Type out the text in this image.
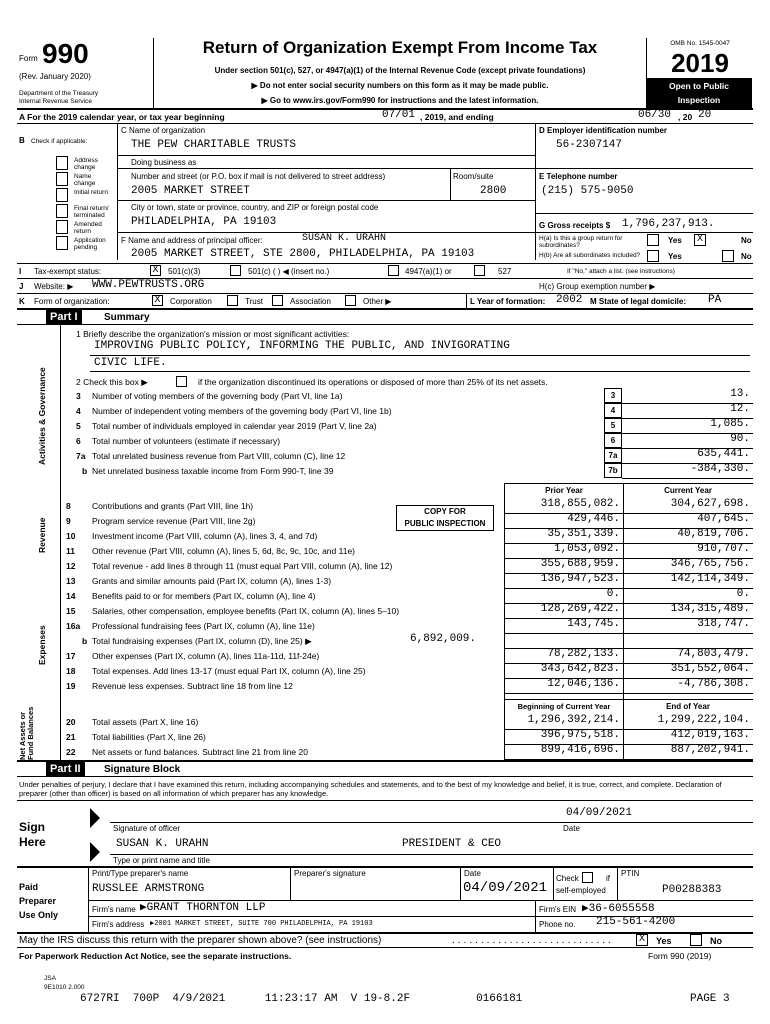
Form 990
(Rev. January 2020)
Department of the Treasury
Internal Revenue Service
Return of Organization Exempt From Income Tax
Under section 501(c), 527, or 4947(a)(1) of the Internal Revenue Code (except private foundations)
▶ Do not enter social security numbers on this form as it may be made public.
▶ Go to www.irs.gov/Form990 for instructions and the latest information.
OMB No. 1545-0047
2019
Open to Public
Inspection
A For the 2019 calendar year, or tax year beginning	07/01 , 2019, and ending	06/30 , 20 20
B Check if applicable:
Address change
Name change
Initial return
Final return/ terminated
Amended return
Application pending
C Name of organization
THE PEW CHARITABLE TRUSTS
Doing business as
Number and street (or P.O. box if mail is not delivered to street address)	Room/suite
2005 MARKET STREET	2800
City or town, state or province, country, and ZIP or foreign postal code
PHILADELPHIA, PA 19103
F Name and address of principal officer:	SUSAN K. URAHN
2005 MARKET STREET, STE 2800, PHILADELPHIA, PA 19103
D Employer identification number
56-2307147
E Telephone number
(215) 575-9050
G Gross receipts $ 1,796,237,913.
H(a) Is this a group return for subordinates?
Yes X	No
H(b) Are all subordinates included?	Yes	No
I Tax-exempt status:	X	501(c)(3)	501(c) ( ) ◀ (insert no.)	4947(a)(1) or	527	If "No," attach a list. (see instructions)
J Website: ▶ WWW.PEWTRUSTS.ORG	H(c) Group exemption number ▶
K Form of organization:	X	Corporation	Trust	Association	Other ▶	L Year of formation: 2002 M State of legal domicile: PA
Part I	Summary
Activities & Governance
Revenue
Expenses
Net Assets or Fund Balances
1 Briefly describe the organization's mission or most significant activities:
IMPROVING PUBLIC POLICY, INFORMING THE PUBLIC, AND INVIGORATING
CIVIC LIFE.
2 Check this box ▶	if the organization discontinued its operations or disposed of more than 25% of its net assets.
3 Number of voting members of the governing body (Part VI, line 1a)	3	13.
4 Number of independent voting members of the governing body (Part VI, line 1b)	4	12.
5 Total number of individuals employed in calendar year 2019 (Part V, line 2a)	5	1,085.
6 Total number of volunteers (estimate if necessary)	6	90.
7a Total unrelated business revenue from Part VIII, column (C), line 12	7a	635,441.
b Net unrelated business taxable income from Form 990-T, line 39	7b	-384,330.
Prior Year	Current Year
COPY FOR
PUBLIC INSPECTION
8	Contributions and grants (Part VIII, line 1h)	318,855,082.	304,627,698.
9	Program service revenue (Part VIII, line 2g)	429,446.	407,645.
10 Investment income (Part VIII, column (A), lines 3, 4, and 7d)	35,351,339.	40,819,706.
11 Other revenue (Part VIII, column (A), lines 5, 6d, 8c, 9c, 10c, and 11e)	1,053,092.	910,707.
12 Total revenue - add lines 8 through 11 (must equal Part VIII, column (A), line 12)	355,688,959.	346,765,756.
13 Grants and similar amounts paid (Part IX, column (A), lines 1-3)	136,947,523.	142,114,349.
14 Benefits paid to or for members (Part IX, column (A), line 4)	0.	0.
15 Salaries, other compensation, employee benefits (Part IX, column (A), lines 5–10)	128,269,422.	134,315,489.
16a Professional fundraising fees (Part IX, column (A), line 11e)	143,745.	318,747.
b Total fundraising expenses (Part IX, column (D), line 25) ▶	6,892,009.
17 Other expenses (Part IX, column (A), lines 11a-11d, 11f-24e)	78,282,133.	74,803,479.
18 Total expenses. Add lines 13-17 (must equal Part IX, column (A), line 25)	343,642,823.	351,552,064.
19 Revenue less expenses. Subtract line 18 from line 12	12,046,136.	-4,786,308.
Beginning of Current Year	End of Year
20 Total assets (Part X, line 16)	1,296,392,214.	1,299,222,104.
21 Total liabilities (Part X, line 26)	396,975,518.	412,019,163.
22 Net assets or fund balances. Subtract line 21 from line 20	899,416,696.	887,202,941.
Part II	Signature Block
Under penalties of perjury, I declare that I have examined this return, including accompanying schedules and statements, and to the best of my knowledge and belief, it is true, correct, and complete. Declaration of preparer (other than officer) is based on all information of which preparer has any knowledge.
Sign
Here
04/09/2021
Signature of officer	Date
SUSAN K. URAHN	PRESIDENT & CEO
Type or print name and title
Paid
Preparer
Use Only
Print/Type preparer's name	Preparer's signature	Date
Check	if
self-employed
PTIN
RUSSLEE ARMSTRONG	04/09/2021	P00288383
Firm's name ▶GRANT THORNTON LLP	Firm's EIN ▶36-6055558
Firm's address ▶2001 MARKET STREET, SUITE 700 PHILADELPHIA, PA 19103	Phone no. 215-561-4200
May the IRS discuss this return with the preparer shown above? (see instructions)	............................	X	Yes	No
For Paperwork Reduction Act Notice, see the separate instructions.	Form 990 (2019)
JSA
9E1010 2.000
6727RI  700P  4/9/2021      11:23:17 AM  V 19-8.2F          0166181	PAGE 3
